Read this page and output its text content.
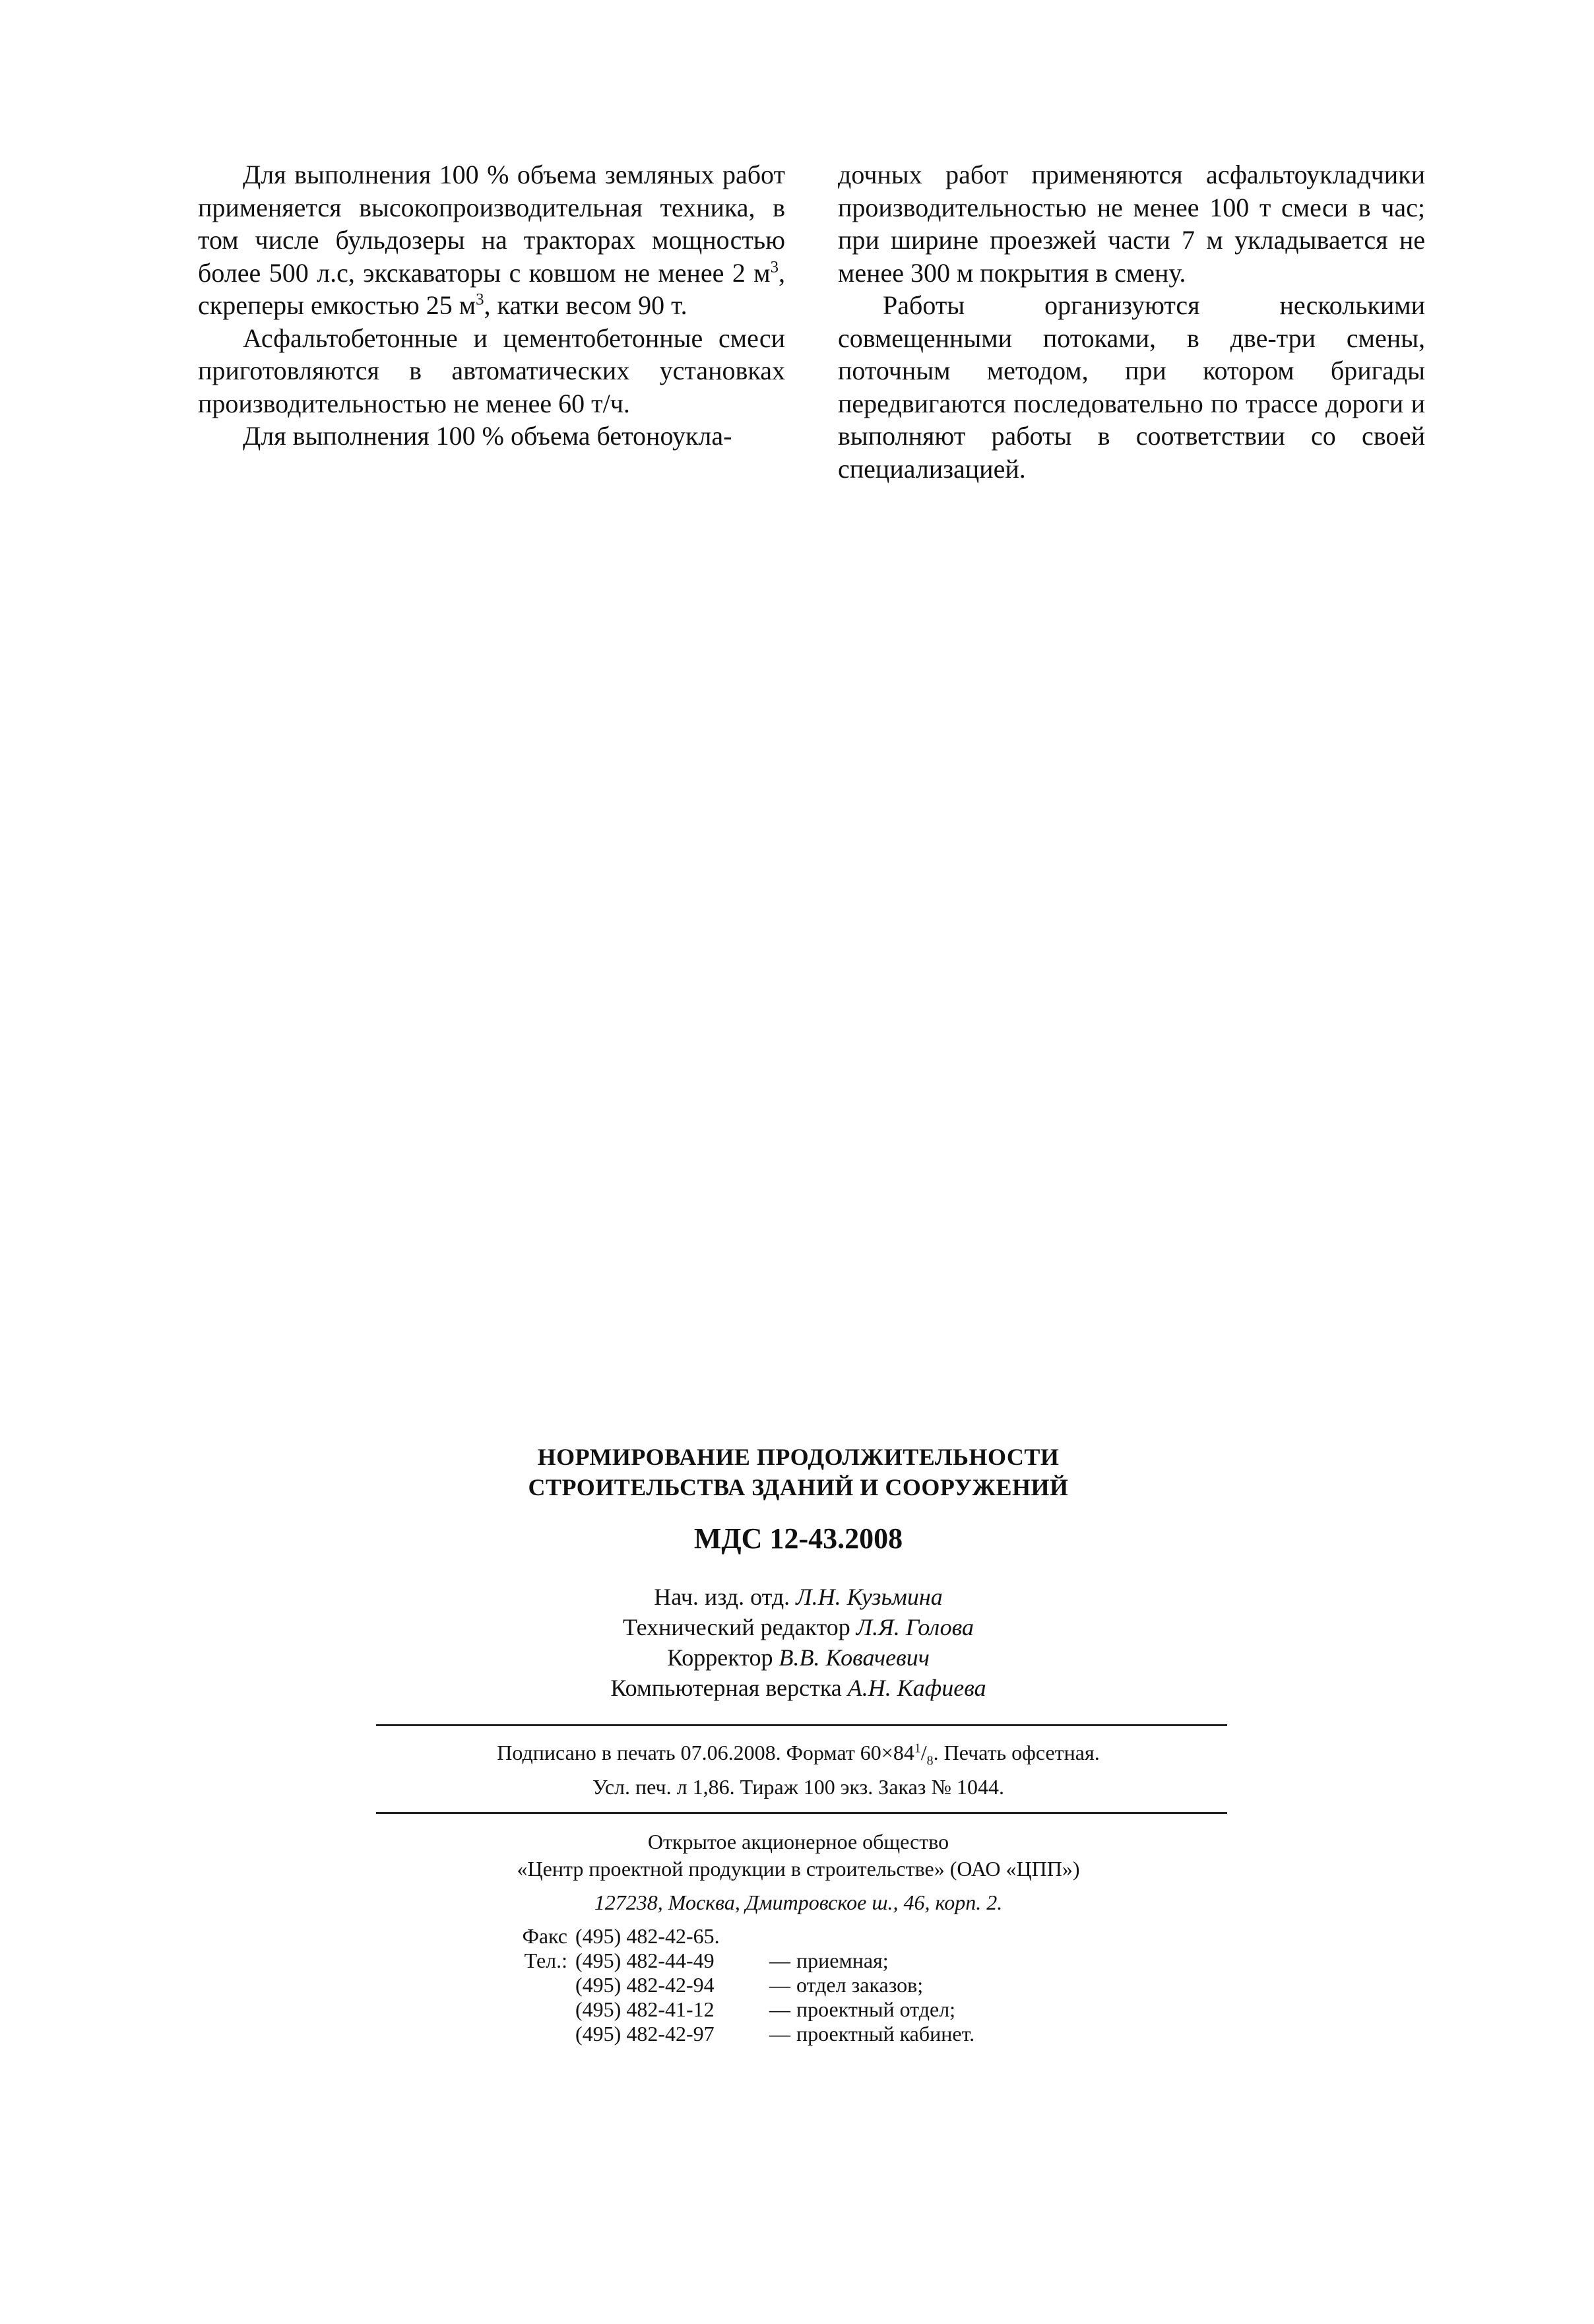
Для выполнения 100 % объема земляных работ применяется высокопроизводительная техника, в том числе бульдозеры на тракторах мощностью более 500 л.с, экскаваторы с ковшом не менее 2 $м^3$, скреперы емкостью 25 $м^3$, катки весом 90 т.

Асфальтобетонные и цементобетонные смеси приготовляются в автоматических установках производительностью не менее 60 т/ч.

Для выполнения 100 % объема бетоноукла-

дочных работ применяются асфальтоукладчики производительностью не менее 100 т смеси в час; при ширине проезжей части 7 м укладывается не менее 300 м покрытия в смену.

Работы организуются несколькими совмещенными потоками, в две-три смены, поточным методом, при котором бригады передвигаются последовательно по трассе дороги и выполняют работы в соответствии со своей специализацией.

НОРМИРОВАНИЕ ПРОДОЛЖИТЕЛЬНОСТИ
СТРОИТЕЛЬСТВА ЗДАНИЙ И СООРУЖЕНИЙ
МДС 12-43.2008
Нач. изд. отд. Л.Н. Кузьмина
Технический редактор Л.Я. Голова
Корректор В.В. Ковачевич
Компьютерная верстка А.Н. Кафиева
Подписано в печать 07.06.2008. Формат $60\times 84^1/_8$. Печать офсетная.
Усл. печ. л 1,86. Тираж 100 экз. Заказ № 1044.
Открытое акционерное общество
«Центр проектной продукции в строительстве» (ОАО «ЦПП»)
127238, Москва, Дмитровское ш., 46, корп. 2.
Факс (495) 482-42-65.
Тел.: (495) 482-44-49	— приемная;
(495) 482-42-94	— отдел заказов;
(495) 482-41-12	— проектный отдел;
(495) 482-42-97	— проектный кабинет.
